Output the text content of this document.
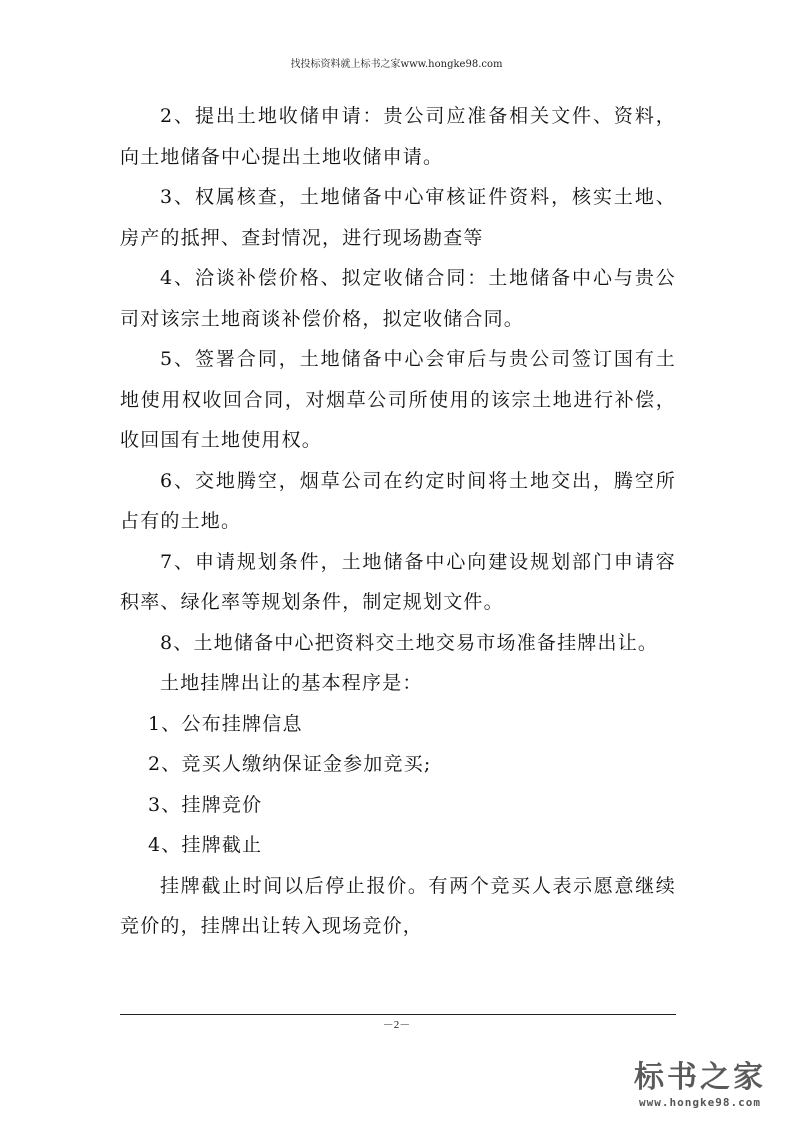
找投标资料就上标书之家www.hongke98.com

2、提出土地收储申请：贵公司应准备相关文件、资料，向土地储备中心提出土地收储申请。

3、权属核查，土地储备中心审核证件资料，核实土地、房产的抵押、查封情况，进行现场勘查等

4、洽谈补偿价格、拟定收储合同：土地储备中心与贵公司对该宗土地商谈补偿价格，拟定收储合同。

5、签署合同，土地储备中心会审后与贵公司签订国有土地使用权收回合同，对烟草公司所使用的该宗土地进行补偿，收回国有土地使用权。

6、交地腾空，烟草公司在约定时间将土地交出，腾空所占有的土地。

7、申请规划条件，土地储备中心向建设规划部门申请容积率、绿化率等规划条件，制定规划文件。

8、土地储备中心把资料交土地交易市场准备挂牌出让。

土地挂牌出让的基本程序是：

1、公布挂牌信息

2、竞买人缴纳保证金参加竞买;

3、挂牌竞价

4、挂牌截止

挂牌截止时间以后停止报价。有两个竞买人表示愿意继续竞价的，挂牌出让转入现场竞价，

－2－
标书之家
www.hongke98.com
